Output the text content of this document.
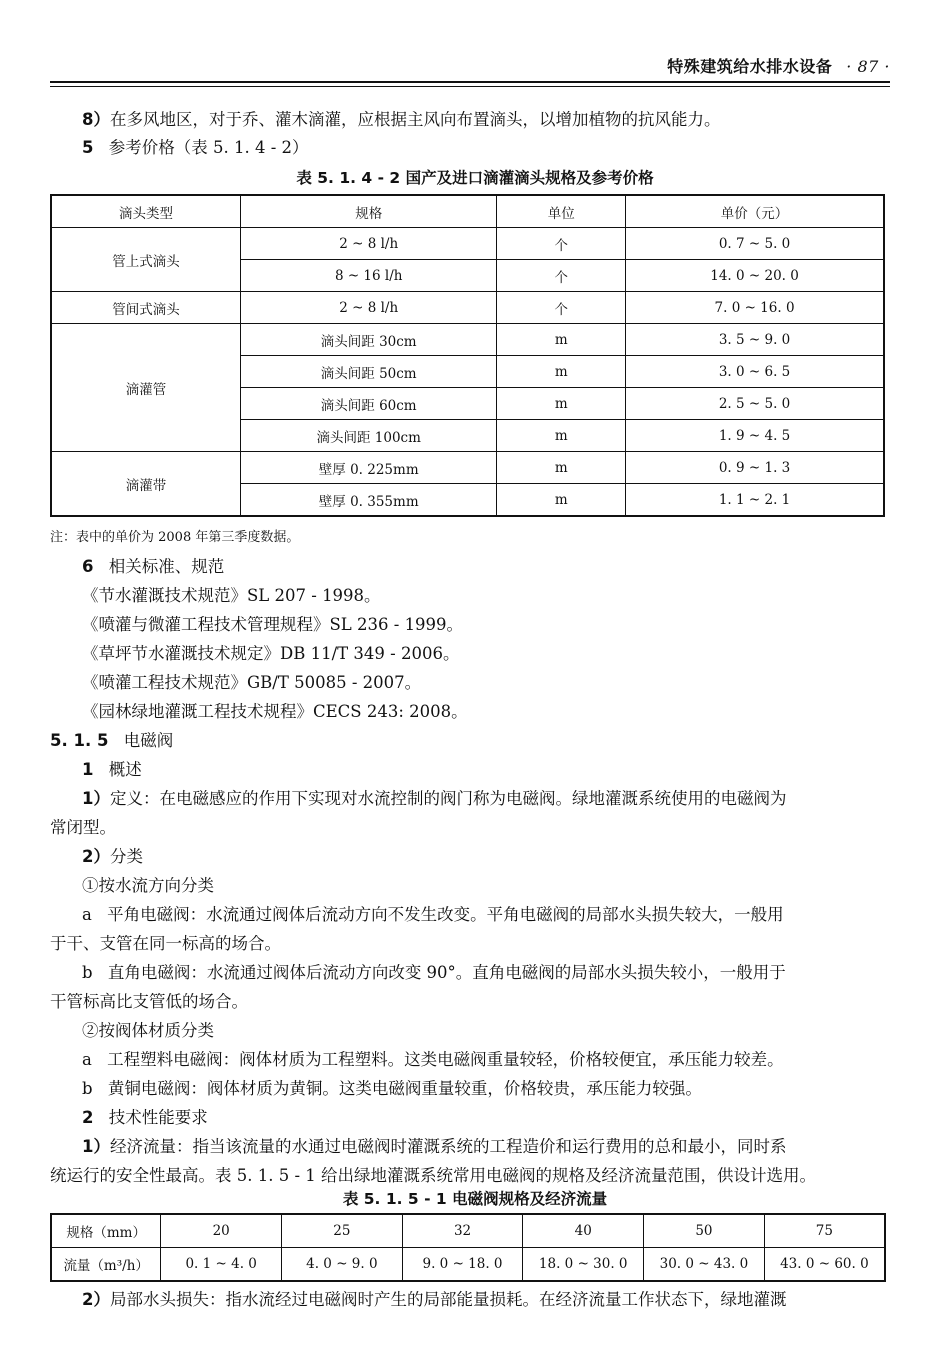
特殊建筑给水排水设备 · 87 ·
8）在多风地区，对于乔、灌木滴灌，应根据主风向布置滴头，以增加植物的抗风能力。
5 参考价格（表 5. 1. 4 - 2）
表 5. 1. 4 - 2 国产及进口滴灌滴头规格及参考价格
滴头类型	规格	单位	单价（元）
管上式滴头	2 ~ 8 l/h	个	0. 7 ~ 5. 0
	8 ~ 16 l/h	个	14. 0 ~ 20. 0
管间式滴头	2 ~ 8 l/h	个	7. 0 ~ 16. 0
滴灌管	滴头间距 30cm	m	3. 5 ~ 9. 0
	滴头间距 50cm	m	3. 0 ~ 6. 5
	滴头间距 60cm	m	2. 5 ~ 5. 0
	滴头间距 100cm	m	1. 9 ~ 4. 5
滴灌带	壁厚 0. 225mm	m	0. 9 ~ 1. 3
	壁厚 0. 355mm	m	1. 1 ~ 2. 1
注：表中的单价为 2008 年第三季度数据。
6 相关标准、规范
《节水灌溉技术规范》SL 207 - 1998。
《喷灌与微灌工程技术管理规程》SL 236 - 1999。
《草坪节水灌溉技术规定》DB 11/T 349 - 2006。
《喷灌工程技术规范》GB/T 50085 - 2007。
《园林绿地灌溉工程技术规程》CECS 243: 2008。
5. 1. 5 电磁阀
1 概述
1）定义：在电磁感应的作用下实现对水流控制的阀门称为电磁阀。绿地灌溉系统使用的电磁阀为
常闭型。
2）分类
①按水流方向分类
a 平角电磁阀：水流通过阀体后流动方向不发生改变。平角电磁阀的局部水头损失较大，一般用
于干、支管在同一标高的场合。
b 直角电磁阀：水流通过阀体后流动方向改变 90°。直角电磁阀的局部水头损失较小，一般用于
干管标高比支管低的场合。
②按阀体材质分类
a 工程塑料电磁阀：阀体材质为工程塑料。这类电磁阀重量较轻，价格较便宜，承压能力较差。
b 黄铜电磁阀：阀体材质为黄铜。这类电磁阀重量较重，价格较贵，承压能力较强。
2 技术性能要求
1）经济流量：指当该流量的水通过电磁阀时灌溉系统的工程造价和运行费用的总和最小，同时系
统运行的安全性最高。表 5. 1. 5 - 1 给出绿地灌溉系统常用电磁阀的规格及经济流量范围，供设计选用。
表 5. 1. 5 - 1 电磁阀规格及经济流量
规格（mm）	20	25	32	40	50	75
流量（m³/h）	0. 1 ~ 4. 0	4. 0 ~ 9. 0	9. 0 ~ 18. 0	18. 0 ~ 30. 0	30. 0 ~ 43. 0	43. 0 ~ 60. 0
2）局部水头损失：指水流经过电磁阀时产生的局部能量损耗。在经济流量工作状态下，绿地灌溉
